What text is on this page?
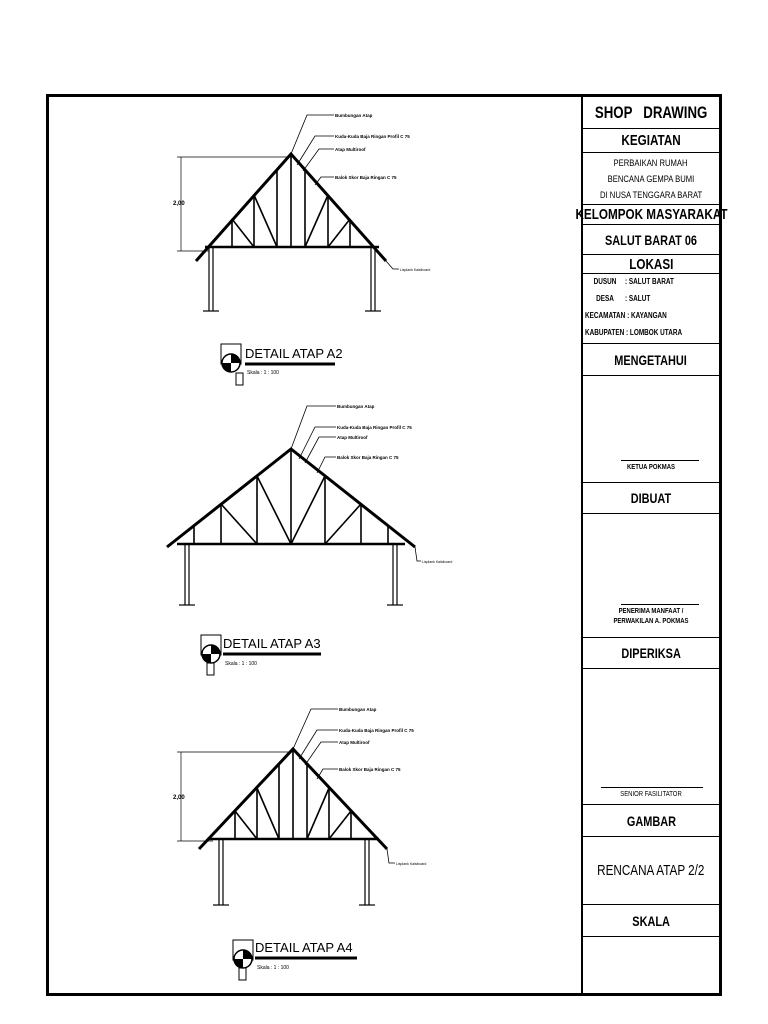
2,00
Bumbungan Atap
Kuda-Kuda Baja Ringan Profil C 75
Atap Multiroof
Balok Skor Baja Ringan C 75
Lisplank Kalsiboard
DETAIL ATAP A2
Skala : 1 : 100
Bumbungan Atap
Kuda-Kuda Baja Ringan Profil C 75
Atap Multiroof
Balok Skor Baja Ringan C 75
Lisplank Kalsiboard
DETAIL ATAP A3
Skala : 1 : 100
2,00
Bumbungan Atap
Kuda-Kuda Baja Ringan Profil C 75
Atap Multiroof
Balok Skor Baja Ringan C 75
Lisplank Kalsiboard
DETAIL ATAP A4
Skala : 1 : 100
SHOP   DRAWING
KEGIATAN
PERBAIKAN RUMAH
BENCANA GEMPA BUMI
DI NUSA TENGGARA BARAT
KELOMPOK MASYARAKAT
SALUT BARAT 06
LOKASI
DUSUN : SALUT BARAT
DESA : SALUT
KECAMATAN : KAYANGAN
KABUPATEN : LOMBOK UTARA
MENGETAHUI
KETUA POKMAS
DIBUAT
PENERIMA MANFAAT /
PERWAKILAN A. POKMAS
DIPERIKSA
SENIOR FASILITATOR
GAMBAR
RENCANA ATAP 2/2
SKALA
